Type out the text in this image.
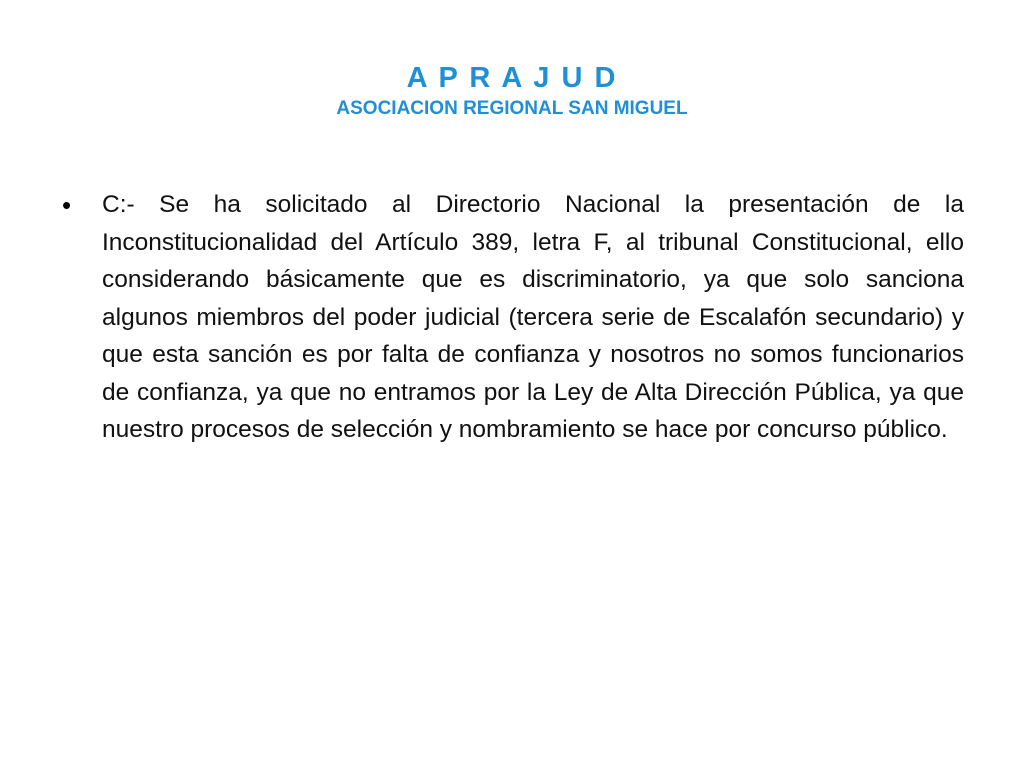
A P R A J U D

ASOCIACION REGIONAL SAN MIGUEL

• C:- Se ha solicitado al Directorio Nacional la presentación de la Inconstitucionalidad del Artículo 389, letra F, al tribunal Constitucional, ello considerando básicamente que es discriminatorio, ya que solo sanciona algunos miembros del poder judicial (tercera serie de Escalafón secundario) y que esta sanción es por falta de confianza y nosotros no somos funcionarios de confianza, ya que no entramos por la Ley de Alta Dirección Pública, ya que nuestro procesos de selección y nombramiento se hace por concurso público.
